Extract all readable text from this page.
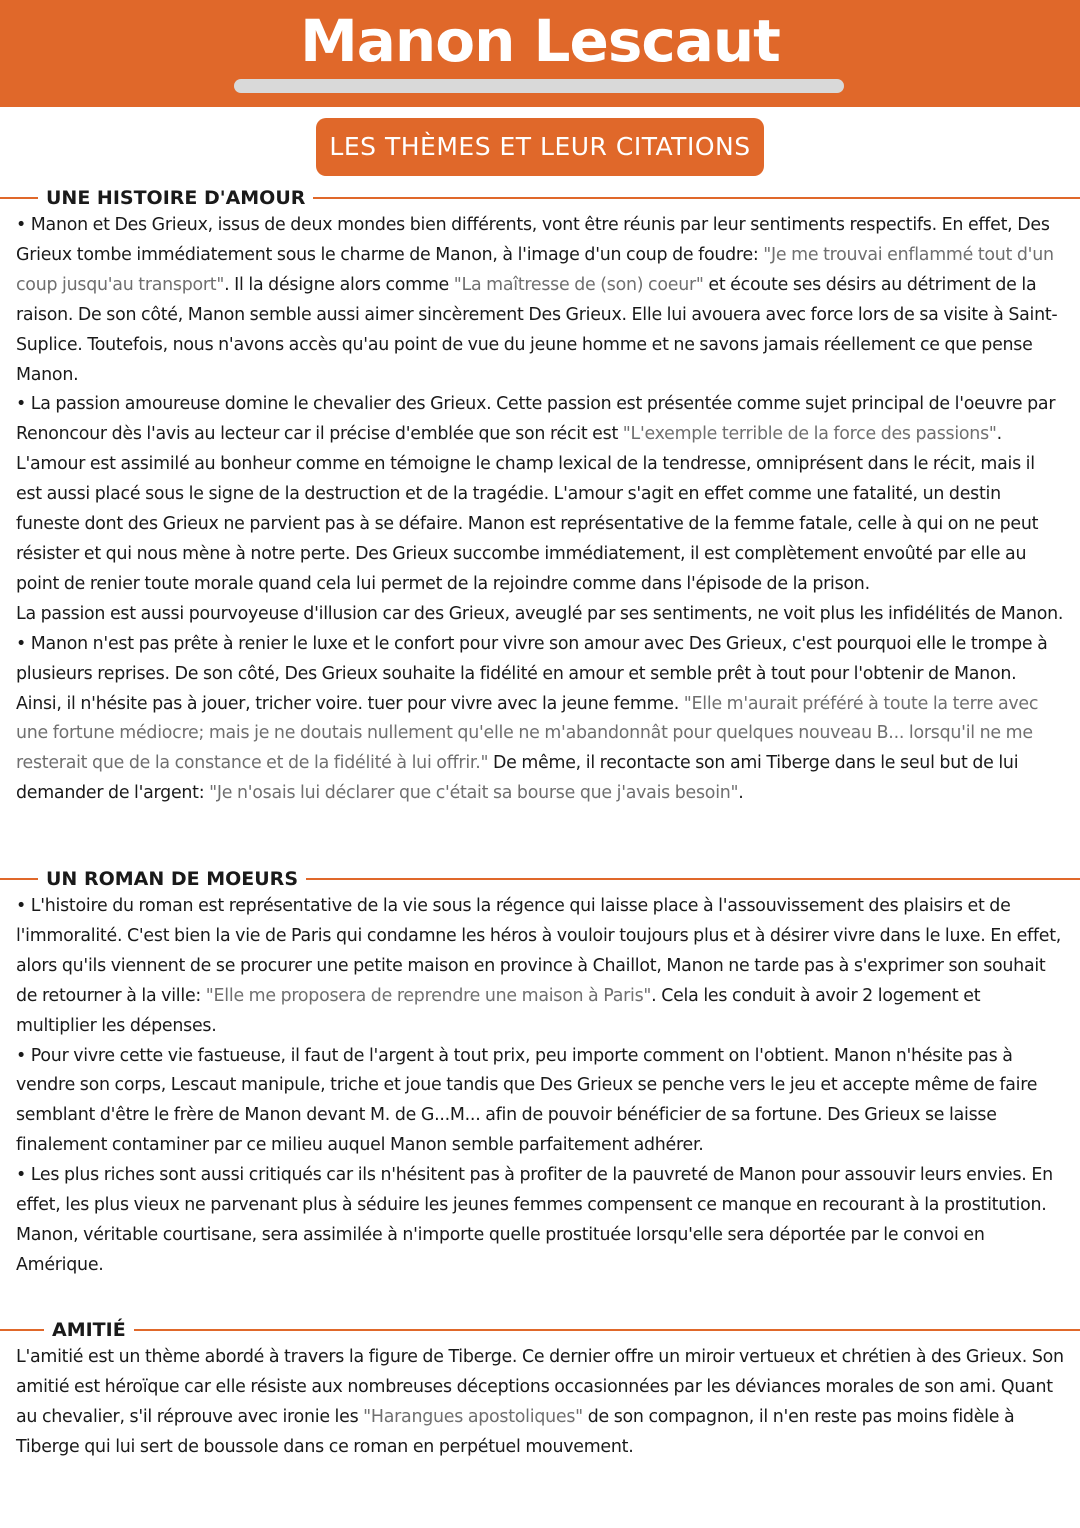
Manon Lescaut
LES THÈMES ET LEUR CITATIONS
UNE HISTOIRE D'AMOUR

• Manon et Des Grieux, issus de deux mondes bien différents, vont être réunis par leur sentiments respectifs. En effet, Des Grieux tombe immédiatement sous le charme de Manon, à l'image d'un coup de foudre: "Je me trouvai enflammé tout d'un coup jusqu'au transport". Il la désigne alors comme "La maîtresse de (son) coeur" et écoute ses désirs au détriment de la raison. De son côté, Manon semble aussi aimer sincèrement Des Grieux. Elle lui avouera avec force lors de sa visite à Saint-Suplice. Toutefois, nous n'avons accès qu'au point de vue du jeune homme et ne savons jamais réellement ce que pense Manon.

• La passion amoureuse domine le chevalier des Grieux. Cette passion est présentée comme sujet principal de l'oeuvre par Renoncour dès l'avis au lecteur car il précise d'emblée que son récit est "L'exemple terrible de la force des passions". L'amour est assimilé au bonheur comme en témoigne le champ lexical de la tendresse, omniprésent dans le récit, mais il est aussi placé sous le signe de la destruction et de la tragédie. L'amour s'agit en effet comme une fatalité, un destin funeste dont des Grieux ne parvient pas à se défaire. Manon est représentative de la femme fatale, celle à qui on ne peut résister et qui nous mène à notre perte. Des Grieux succombe immédiatement, il est complètement envoûté par elle au point de renier toute morale quand cela lui permet de la rejoindre comme dans l'épisode de la prison.

La passion est aussi pourvoyeuse d'illusion car des Grieux, aveuglé par ses sentiments, ne voit plus les infidélités de Manon.

• Manon n'est pas prête à renier le luxe et le confort pour vivre son amour avec Des Grieux, c'est pourquoi elle le trompe à plusieurs reprises. De son côté, Des Grieux souhaite la fidélité en amour et semble prêt à tout pour l'obtenir de Manon. Ainsi, il n'hésite pas à jouer, tricher voire. tuer pour vivre avec la jeune femme. "Elle m'aurait préféré à toute la terre avec une fortune médiocre; mais je ne doutais nullement qu'elle ne m'abandonnât pour quelques nouveau B... lorsqu'il ne me resterait que de la constance et de la fidélité à lui offrir." De même, il recontacte son ami Tiberge dans le seul but de lui demander de l'argent: "Je n'osais lui déclarer que c'était sa bourse que j'avais besoin".

UN ROMAN DE MOEURS

• L'histoire du roman est représentative de la vie sous la régence qui laisse place à l'assouvissement des plaisirs et de l'immoralité. C'est bien la vie de Paris qui condamne les héros à vouloir toujours plus et à désirer vivre dans le luxe. En effet, alors qu'ils viennent de se procurer une petite maison en province à Chaillot, Manon ne tarde pas à s'exprimer son souhait de retourner à la ville: "Elle me proposera de reprendre une maison à Paris". Cela les conduit à avoir 2 logement et multiplier les dépenses.

• Pour vivre cette vie fastueuse, il faut de l'argent à tout prix, peu importe comment on l'obtient. Manon n'hésite pas à vendre son corps, Lescaut manipule, triche et joue tandis que Des Grieux se penche vers le jeu et accepte même de faire semblant d'être le frère de Manon devant M. de G...M... afin de pouvoir bénéficier de sa fortune. Des Grieux se laisse finalement contaminer par ce milieu auquel Manon semble parfaitement adhérer.

• Les plus riches sont aussi critiqués car ils n'hésitent pas à profiter de la pauvreté de Manon pour assouvir leurs envies. En effet, les plus vieux ne parvenant plus à séduire les jeunes femmes compensent ce manque en recourant à la prostitution. Manon, véritable courtisane, sera assimilée à n'importe quelle prostituée lorsqu'elle sera déportée par le convoi en Amérique.

AMITIÉ

L'amitié est un thème abordé à travers la figure de Tiberge. Ce dernier offre un miroir vertueux et chrétien à des Grieux. Son amitié est héroïque car elle résiste aux nombreuses déceptions occasionnées par les déviances morales de son ami. Quant au chevalier, s'il réprouve avec ironie les "Harangues apostoliques" de son compagnon, il n'en reste pas moins fidèle à Tiberge qui lui sert de boussole dans ce roman en perpétuel mouvement.
